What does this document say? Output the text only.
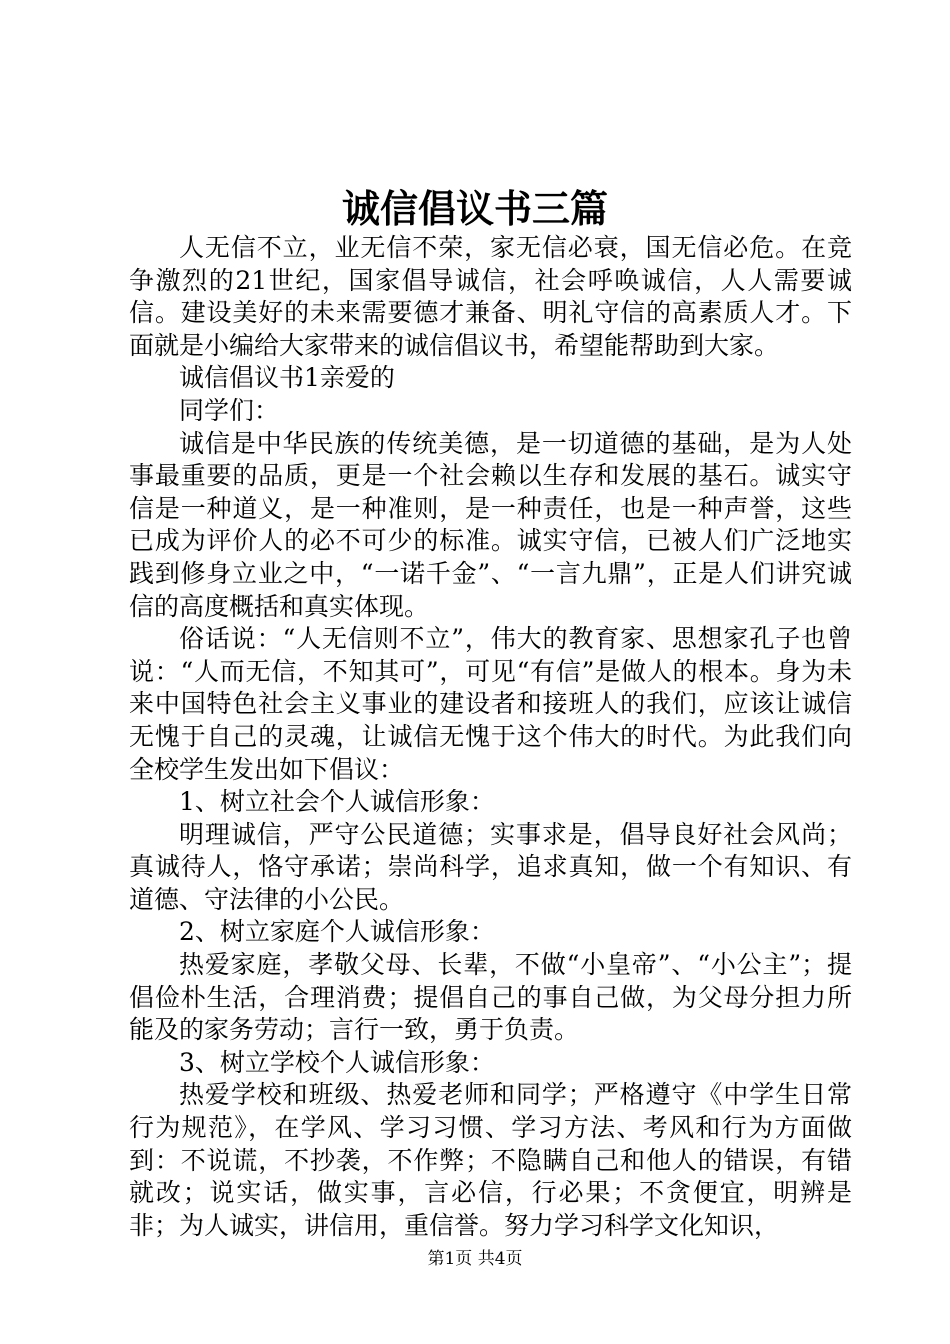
诚信倡议书三篇

人无信不立，业无信不荣，家无信必衰，国无信必危。在竞争激烈的21世纪，国家倡导诚信，社会呼唤诚信，人人需要诚信。建设美好的未来需要德才兼备、明礼守信的高素质人才。下面就是小编给大家带来的诚信倡议书，希望能帮助到大家。

诚信倡议书1亲爱的

同学们：

诚信是中华民族的传统美德，是一切道德的基础，是为人处事最重要的品质，更是一个社会赖以生存和发展的基石。诚实守信是一种道义，是一种准则，是一种责任，也是一种声誉，这些已成为评价人的必不可少的标准。诚实守信，已被人们广泛地实践到修身立业之中，“一诺千金”、“一言九鼎”，正是人们讲究诚信的高度概括和真实体现。

俗话说：“人无信则不立”，伟大的教育家、思想家孔子也曾说：“人而无信，不知其可”，可见“有信”是做人的根本。身为未来中国特色社会主义事业的建设者和接班人的我们，应该让诚信无愧于自己的灵魂，让诚信无愧于这个伟大的时代。为此我们向全校学生发出如下倡议：

1、树立社会个人诚信形象：

明理诚信，严守公民道德；实事求是，倡导良好社会风尚；真诚待人，恪守承诺；崇尚科学，追求真知，做一个有知识、有道德、守法律的小公民。

2、树立家庭个人诚信形象：

热爱家庭，孝敬父母、长辈，不做“小皇帝”、“小公主”；提倡俭朴生活，合理消费；提倡自己的事自己做，为父母分担力所能及的家务劳动；言行一致，勇于负责。

3、树立学校个人诚信形象：

热爱学校和班级、热爱老师和同学；严格遵守《中学生日常行为规范》，在学风、学习习惯、学习方法、考风和行为方面做到：不说谎，不抄袭，不作弊；不隐瞒自己和他人的错误，有错就改；说实话，做实事，言必信，行必果；不贪便宜，明辨是非；为人诚实，讲信用，重信誉。努力学习科学文化知识，

第1页 共4页
